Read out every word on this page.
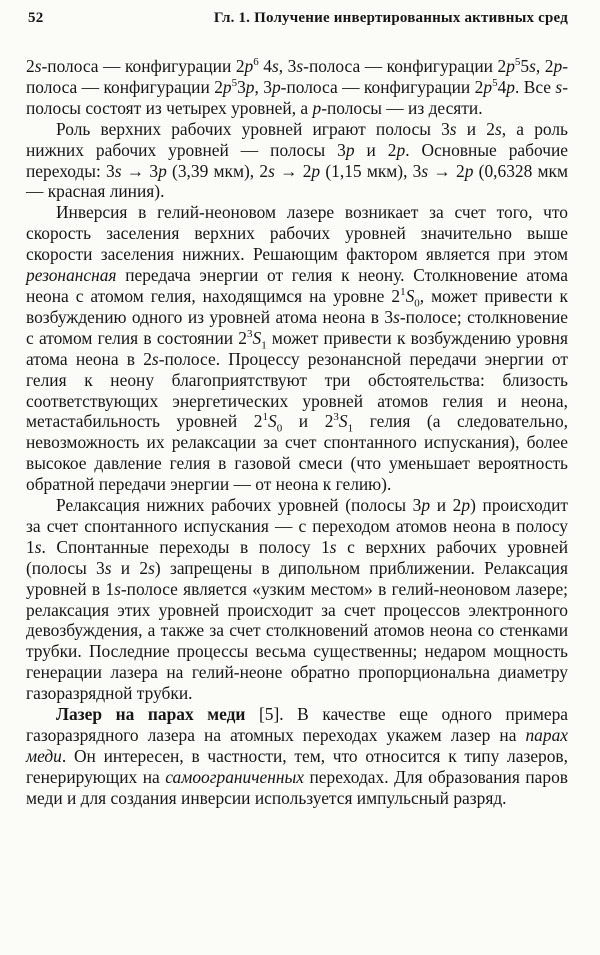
52	Гл. 1. Получение инвертированных активных сред

2s-полоса — конфигурации $2p^6$ 4s, 3s-полоса — конфигурации $2p^55s$, 2p-полоса — конфигурации $2p^53p$, 3p-полоса — конфигурации $2p^54p$. Все s-полосы состоят из четырех уровней, а p-полосы — из десяти.

Роль верхних рабочих уровней играют полосы 3s и 2s, а роль нижних рабочих уровней — полосы 3p и 2p. Основные рабочие переходы: 3s → 3p (3,39 мкм), 2s → 2p (1,15 мкм), 3s → 2p (0,6328 мкм — красная линия).

Инверсия в гелий-неоновом лазере возникает за счет того, что скорость заселения верхних рабочих уровней значительно выше скорости заселения нижних. Решающим фактором является при этом резонансная передача энергии от гелия к неону. Столкновение атома неона с атомом гелия, находящимся на уровне $2^1S_0$, может привести к возбуждению одного из уровней атома неона в 3s-полосе; столкновение с атомом гелия в состоянии $2^3S_1$ может привести к возбуждению уровня атома неона в 2s-полосе. Процессу резонансной передачи энергии от гелия к неону благоприятствуют три обстоятельства: близость соответствующих энергетических уровней атомов гелия и неона, метастабильность уровней $2^1S_0$ и $2^3S_1$ гелия (а следовательно, невозможность их релаксации за счет спонтанного испускания), более высокое давление гелия в газовой смеси (что уменьшает вероятность обратной передачи энергии — от неона к гелию).

Релаксация нижних рабочих уровней (полосы 3p и 2p) происходит за счет спонтанного испускания — с переходом атомов неона в полосу 1s. Спонтанные переходы в полосу 1s с верхних рабочих уровней (полосы 3s и 2s) запрещены в дипольном приближении. Релаксация уровней в 1s-полосе является «узким местом» в гелий-неоновом лазере; релаксация этих уровней происходит за счет процессов электронного девозбуждения, а также за счет столкновений атомов неона со стенками трубки. Последние процессы весьма существенны; недаром мощность генерации лазера на гелий-неоне обратно пропорциональна диаметру газоразрядной трубки.

Лазер на парах меди [5]. В качестве еще одного примера газоразрядного лазера на атомных переходах укажем лазер на парах меди. Он интересен, в частности, тем, что относится к типу лазеров, генерирующих на самоограниченных переходах. Для образования паров меди и для создания инверсии используется импульсный разряд.
